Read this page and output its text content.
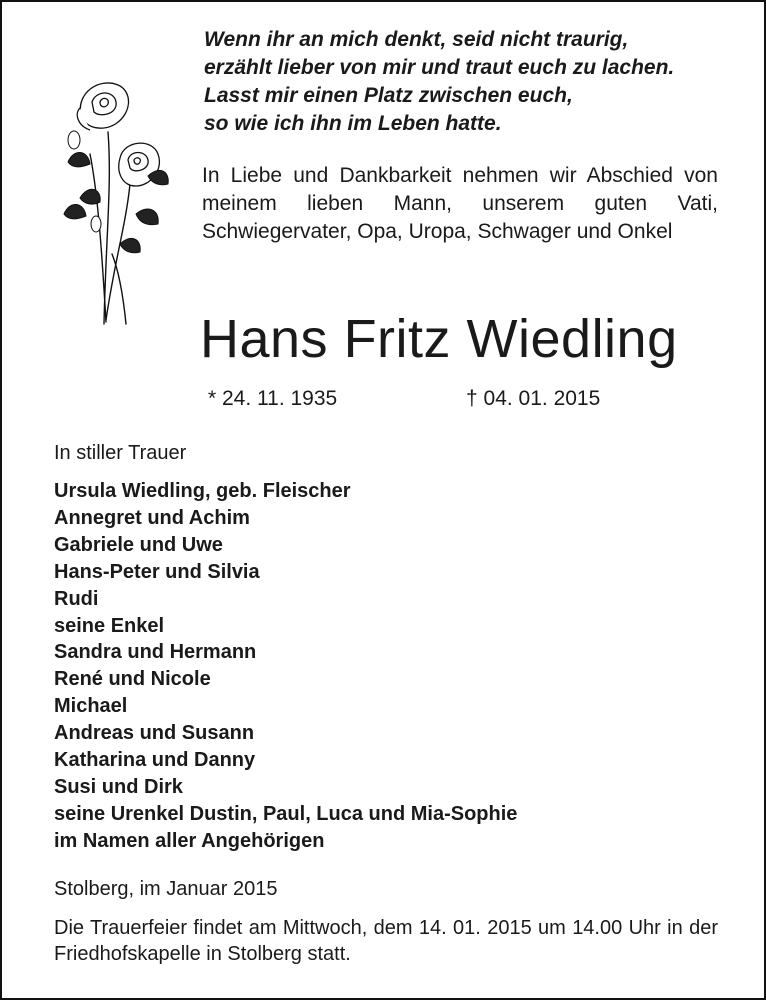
Wenn ihr an mich denkt, seid nicht traurig,
erzählt lieber von mir und traut euch zu lachen.
Lasst mir einen Platz zwischen euch,
so wie ich ihn im Leben hatte.
In Liebe und Dankbarkeit nehmen wir Abschied von meinem lieben Mann, unserem guten Vati, Schwiegervater, Opa, Uropa, Schwager und Onkel
Hans Fritz Wiedling
* 24. 11. 1935	† 04. 01. 2015
In stiller Trauer
Ursula Wiedling, geb. Fleischer
Annegret und Achim
Gabriele und Uwe
Hans-Peter und Silvia
Rudi
seine Enkel
Sandra und Hermann
René und Nicole
Michael
Andreas und Susann
Katharina und Danny
Susi und Dirk
seine Urenkel Dustin, Paul, Luca und Mia-Sophie
im Namen aller Angehörigen
Stolberg, im Januar 2015
Die Trauerfeier findet am Mittwoch, dem 14. 01. 2015 um 14.00 Uhr in der Friedhofskapelle in Stolberg statt.
